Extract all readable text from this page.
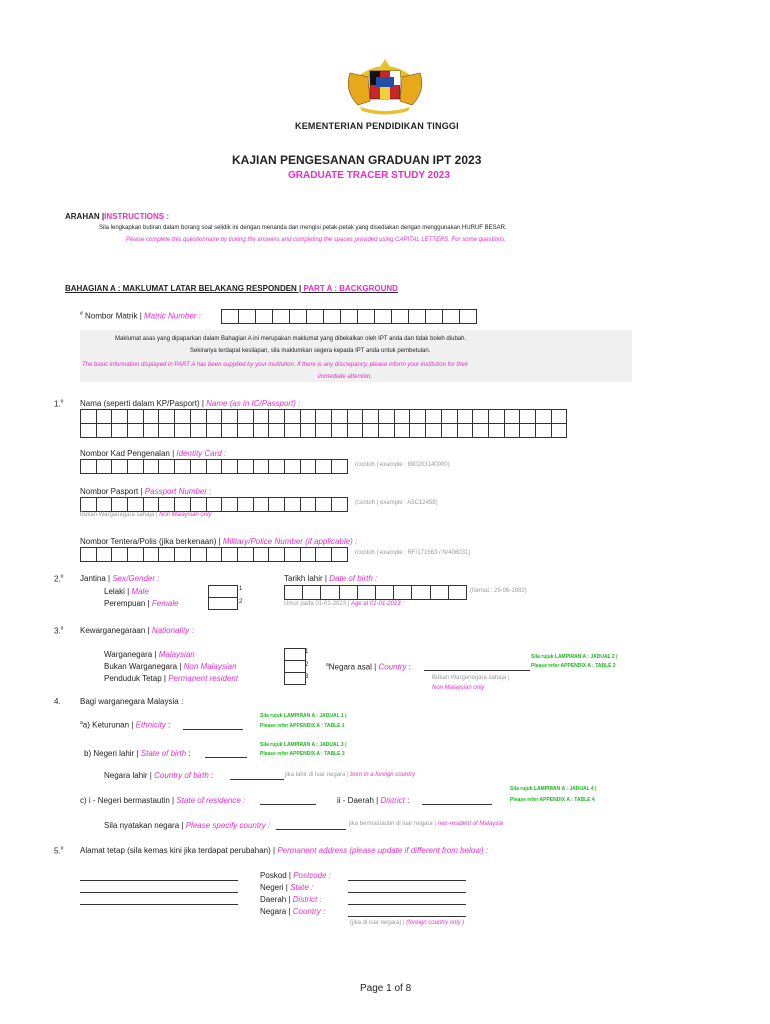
KEMENTERIAN PENDIDIKAN TINGGI
KAJIAN PENGESANAN GRADUAN IPT 2023
GRADUATE TRACER STUDY 2023
ARAHAN |INSTRUCTIONS :
Sila lengkapkan butiran dalam borang soal selidik ini dengan menanda dan mengisi petak-petak yang disediakan dengan menggunakan HURUF BESAR.
Please complete this questionnaire by ticking the answers and completing the spaces provided using CAPITAL LETTERS. For some questions,
BAHAGIAN A : MAKLUMAT LATAR BELAKANG RESPONDEN | PART A : BACKGROUND
# Nombor Matrik | Matric Number :
Maklumat asas yang dipaparkan dalam Bahagian A ini merupakan maklumat yang dibekalkan oleh IPT anda dan tidak boleh diubah.
Sekiranya terdapat kesilapan, sila maklumkan segera kepada IPT anda untuk pembetulan.
The basic information displayed in PART A has been supplied by your institution. If there is any discrepancy, please inform your institution for their
immediate attention.
1.# Nama (seperti dalam KP/Pasport) | Name (as in IC/Passport) :
Nombor Kad Pengenalan | Identity Card :
(contoh | example : 890203140000)
Nombor Pasport | Passport Number :
(contoh | example : A5C12458)
Bukan Warganegara sahaja | Non Malaysian only
Nombor Tentera/Polis (jika berkenaan) | Military/Police Number (if applicable) :
(contoh | example : RF/171563 / N/406031)
2.# Jantina | Sex/Gender :
Lelaki | Male
Perempuan | Female
1
2
Tarikh lahir | Date of birth :
(format : 29-06-1982)
Umur pada 01-01-2023 | Age at 01-01-2023 :
3.# Kewarganegaraan | Nationality :
Warganegara | Malaysian
Bukan Warganegara | Non Malaysian
Penduduk Tetap | Permanent resident
1
2
3
$^a$Negara asal | Country :
Sila rujuk LAMPIRAN A : JADUAL 2 |
Please refer APPENDIX A : TABLE 2
Bukan Warganegara sahaja |
Non Malaysian only
4. Bagi warganegara Malaysia :
$^a$a) Keturunan | Ethnicity :
Sila rujuk LAMPIRAN A : JADUAL 1 |
Please refer APPENDIX A : TABLE 1
b) Negeri lahir | State of birth :
Sila rujuk LAMPIRAN A : JADUAL 3 |
Please refer APPENDIX A : TABLE 3
Negara lahir | Country of birth :	jika lahir di luar negara | born in a foreign country
c) i - Negeri bermastautin | State of residence :	ii - Daerah | District :
Sila rujuk LAMPIRAN A : JADUAL 4 |
Please refer APPENDIX A : TABLE 4
Sila nyatakan negara | Please specify country :	jika bermastautin di luar negara | non-resident of Malaysia
5.# Alamat tetap (sila kemas kini jika terdapat perubahan) | Permanent address (please update if different from below) :
Poskod | Postcode :
Negeri | State :
Daerah | District :
Negara | Country :
(jika di luar negara) | (foreign country only )
Page 1 of 8
